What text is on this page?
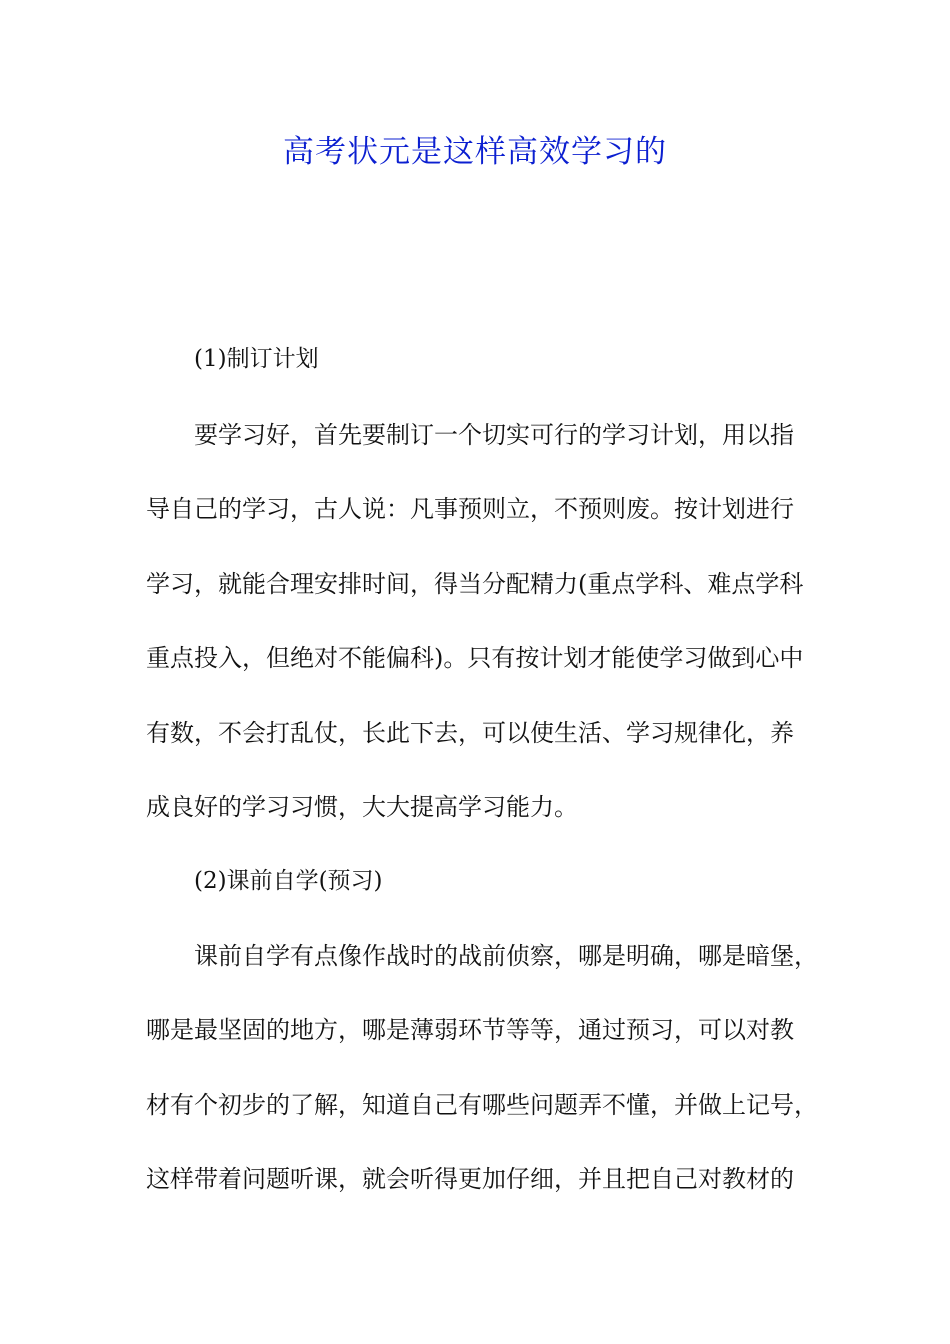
高考状元是这样高效学习的

(1)制订计划

要学习好，首先要制订一个切实可行的学习计划，用以指

导自己的学习，古人说：凡事预则立，不预则废。按计划进行

学习，就能合理安排时间，得当分配精力(重点学科、难点学科

重点投入，但绝对不能偏科)。只有按计划才能使学习做到心中

有数，不会打乱仗，长此下去，可以使生活、学习规律化，养

成良好的学习习惯，大大提高学习能力。

(2)课前自学(预习)

课前自学有点像作战时的战前侦察，哪是明确，哪是暗堡，

哪是最坚固的地方，哪是薄弱环节等等，通过预习，可以对教

材有个初步的了解，知道自己有哪些问题弄不懂，并做上记号，

这样带着问题听课，就会听得更加仔细，并且把自己对教材的
